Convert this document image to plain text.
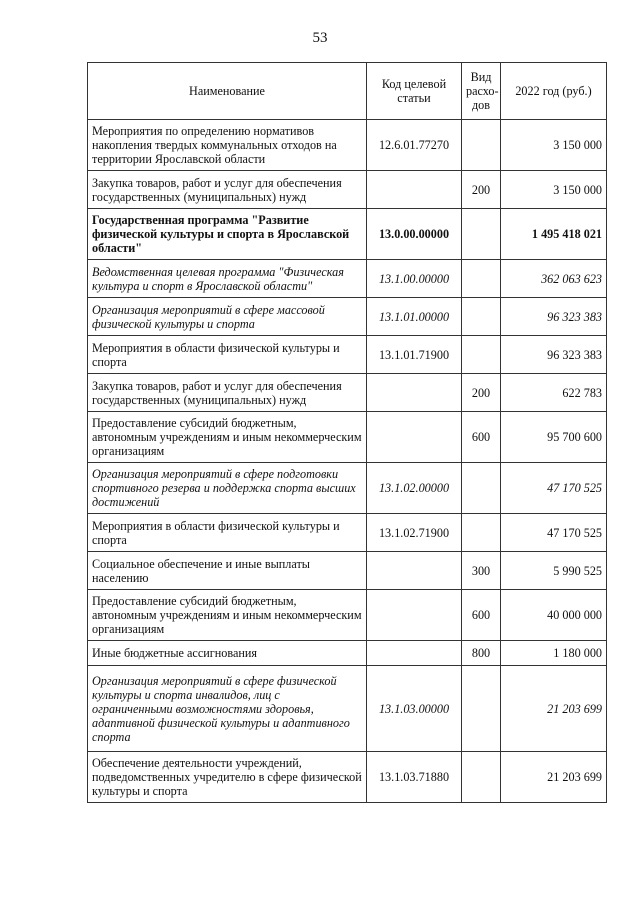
53
Наименование	Код целевой статьи	Вид расхо-дов	2022 год (руб.)
Мероприятия по определению нормативов накопления твердых коммунальных отходов на территории Ярославской области	12.6.01.77270		3 150 000
Закупка товаров, работ и услуг для обеспечения государственных (муниципальных) нужд		200	3 150 000
Государственная программа "Развитие физической культуры и спорта в Ярославской области"	13.0.00.00000		1 495 418 021
Ведомственная целевая программа "Физическая культура и спорт в Ярославской области"	13.1.00.00000		362 063 623
Организация мероприятий в сфере массовой физической культуры и спорта	13.1.01.00000		96 323 383
Мероприятия в области физической культуры и спорта	13.1.01.71900		96 323 383
Закупка товаров, работ и услуг для обеспечения государственных (муниципальных) нужд		200	622 783
Предоставление субсидий бюджетным, автономным учреждениям и иным некоммерческим организациям		600	95 700 600
Организация мероприятий в сфере подготовки спортивного резерва и поддержка спорта высших достижений	13.1.02.00000		47 170 525
Мероприятия в области физической культуры и спорта	13.1.02.71900		47 170 525
Социальное обеспечение и иные выплаты населению		300	5 990 525
Предоставление субсидий бюджетным, автономным учреждениям и иным некоммерческим организациям		600	40 000 000
Иные бюджетные ассигнования		800	1 180 000
Организация мероприятий в сфере физической культуры и спорта инвалидов, лиц с ограниченными возможностями здоровья, адаптивной физической культуры и адаптивного спорта	13.1.03.00000		21 203 699
Обеспечение деятельности учреждений, подведомственных учредителю в сфере физической культуры и спорта	13.1.03.71880		21 203 699
